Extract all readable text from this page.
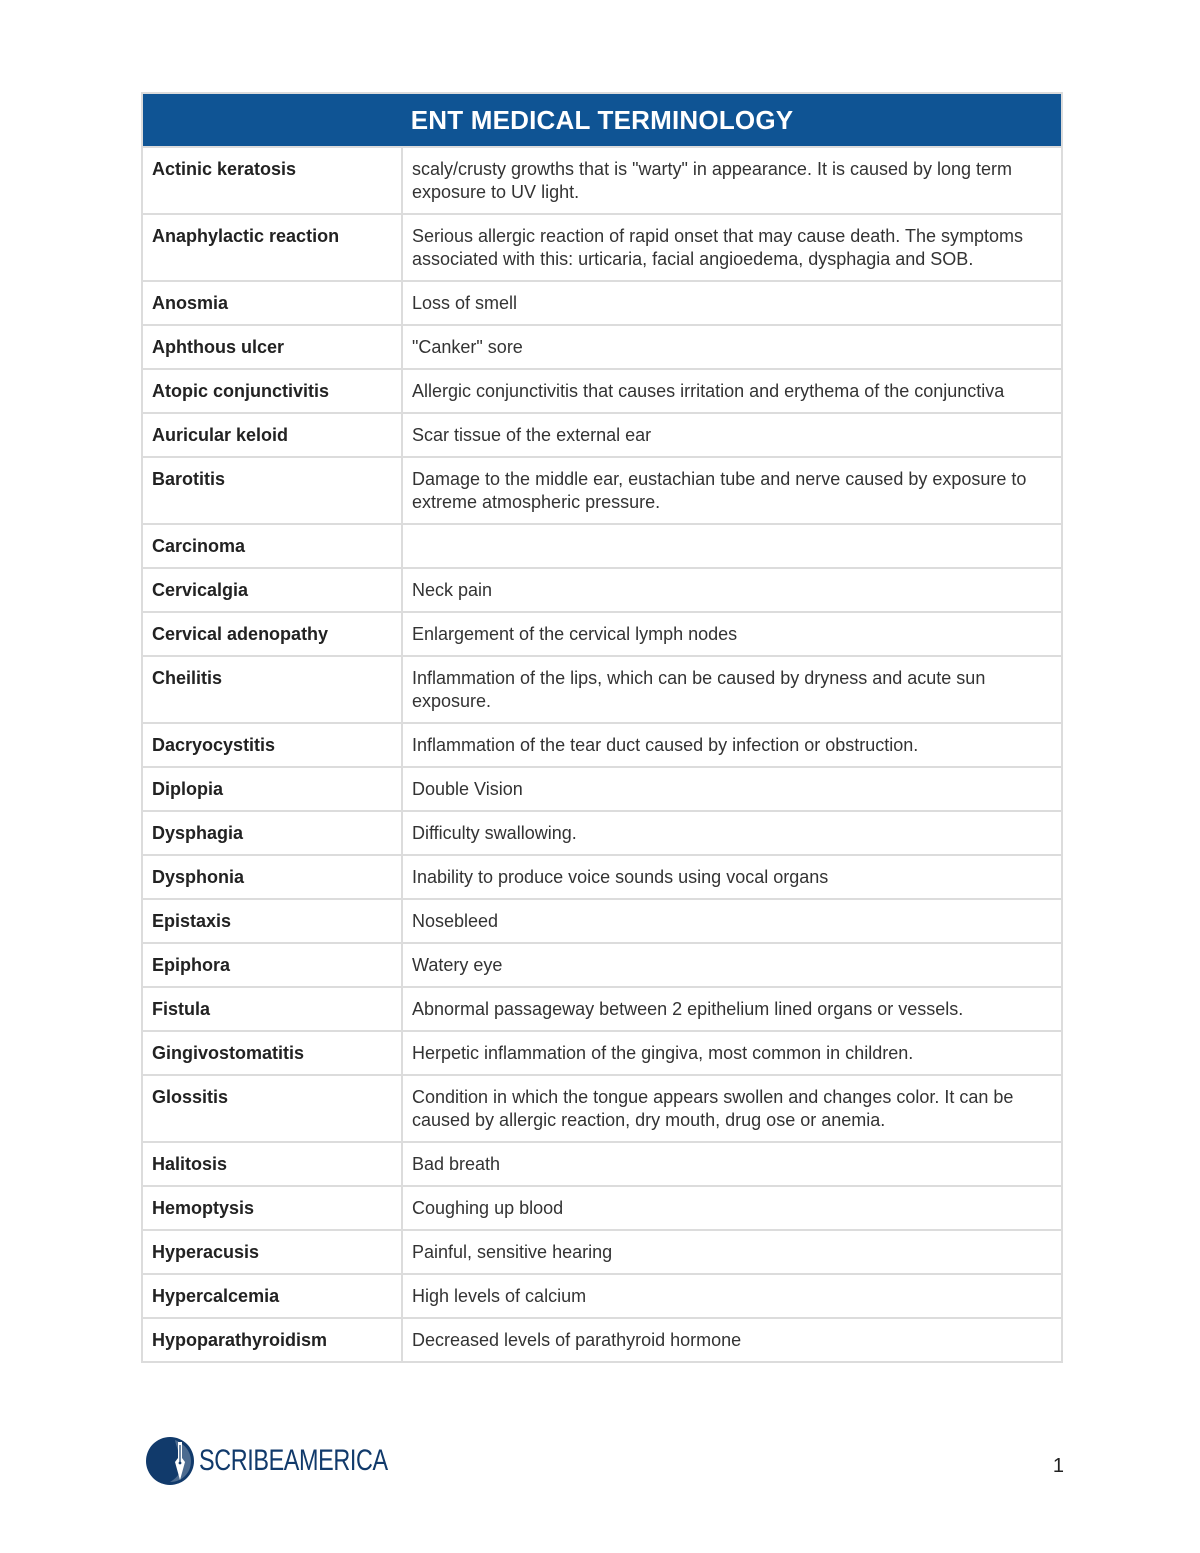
ENT MEDICAL TERMINOLOGY	
Actinic keratosis	scaly/crusty growths that is "warty" in appearance. It is caused by long term exposure to UV light.
Anaphylactic reaction	Serious allergic reaction of rapid onset that may cause death. The symptoms associated with this: urticaria, facial angioedema, dysphagia and SOB.
Anosmia	Loss of smell
Aphthous ulcer	"Canker" sore
Atopic conjunctivitis	Allergic conjunctivitis that causes irritation and erythema of the conjunctiva
Auricular keloid	Scar tissue of the external ear
Barotitis	Damage to the middle ear, eustachian tube and nerve caused by exposure to extreme atmospheric pressure.
Carcinoma	
Cervicalgia	Neck pain
Cervical adenopathy	Enlargement of the cervical lymph nodes
Cheilitis	Inflammation of the lips, which can be caused by dryness and acute sun exposure.
Dacryocystitis	Inflammation of the tear duct caused by infection or obstruction.
Diplopia	Double Vision
Dysphagia	Difficulty swallowing.
Dysphonia	Inability to produce voice sounds using vocal organs
Epistaxis	Nosebleed
Epiphora	Watery eye
Fistula	Abnormal passageway between 2 epithelium lined organs or vessels.
Gingivostomatitis	Herpetic inflammation of the gingiva, most common in children.
Glossitis	Condition in which the tongue appears swollen and changes color. It can be caused by allergic reaction, dry mouth, drug ose or anemia.
Halitosis	Bad breath
Hemoptysis	Coughing up blood
Hyperacusis	Painful, sensitive hearing
Hypercalcemia	High levels of calcium
Hypoparathyroidism	Decreased levels of parathyroid hormone
SCRIBEAMERICA	1
